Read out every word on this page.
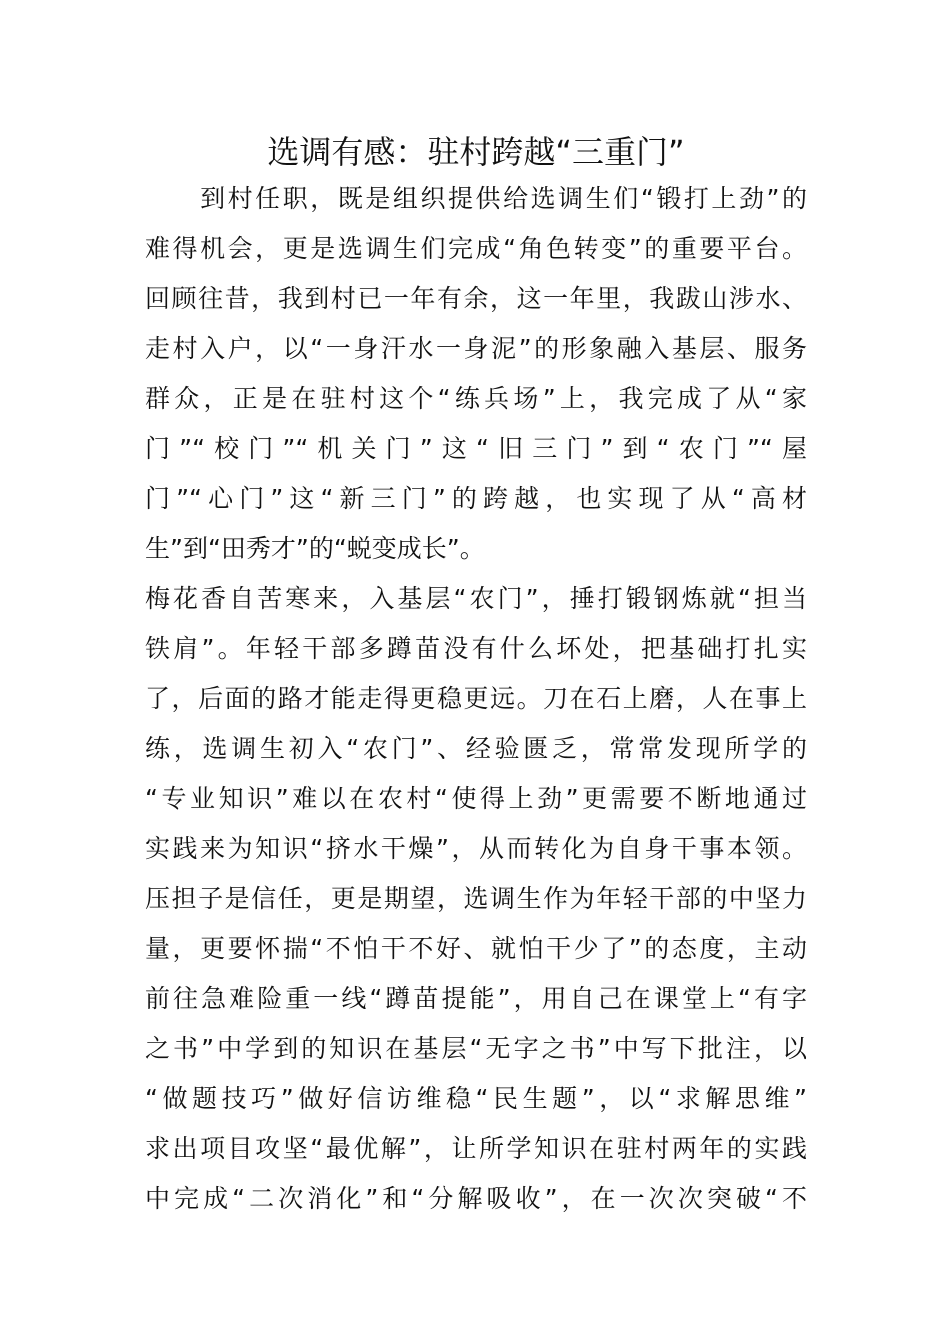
选调有感：驻村跨越“三重门”
　　到村任职，既是组织提供给选调生们“锻打上劲”的
难得机会，更是选调生们完成“角色转变”的重要平台。
回顾往昔，我到村已一年有余，这一年里，我跋山涉水、
走村入户，以“一身汗水一身泥”的形象融入基层、服务
群众，正是在驻村这个“练兵场”上，我完成了从“家
门”“校门”“机关门”这“旧三门”到“农门”“屋
门”“心门”这“新三门”的跨越，也实现了从“高材
生”到“田秀才”的“蜕变成长”。
梅花香自苦寒来，入基层“农门”，捶打锻钢炼就“担当
铁肩”。年轻干部多蹲苗没有什么坏处，把基础打扎实
了，后面的路才能走得更稳更远。刀在石上磨，人在事上
练，选调生初入“农门”、经验匮乏，常常发现所学的
“专业知识”难以在农村“使得上劲”更需要不断地通过
实践来为知识“挤水干燥”，从而转化为自身干事本领。
压担子是信任，更是期望，选调生作为年轻干部的中坚力
量，更要怀揣“不怕干不好、就怕干少了”的态度，主动
前往急难险重一线“蹲苗提能”，用自己在课堂上“有字
之书”中学到的知识在基层“无字之书”中写下批注，以
“做题技巧”做好信访维稳“民生题”，以“求解思维”
求出项目攻坚“最优解”，让所学知识在驻村两年的实践
中完成“二次消化”和“分解吸收”，在一次次突破“不
